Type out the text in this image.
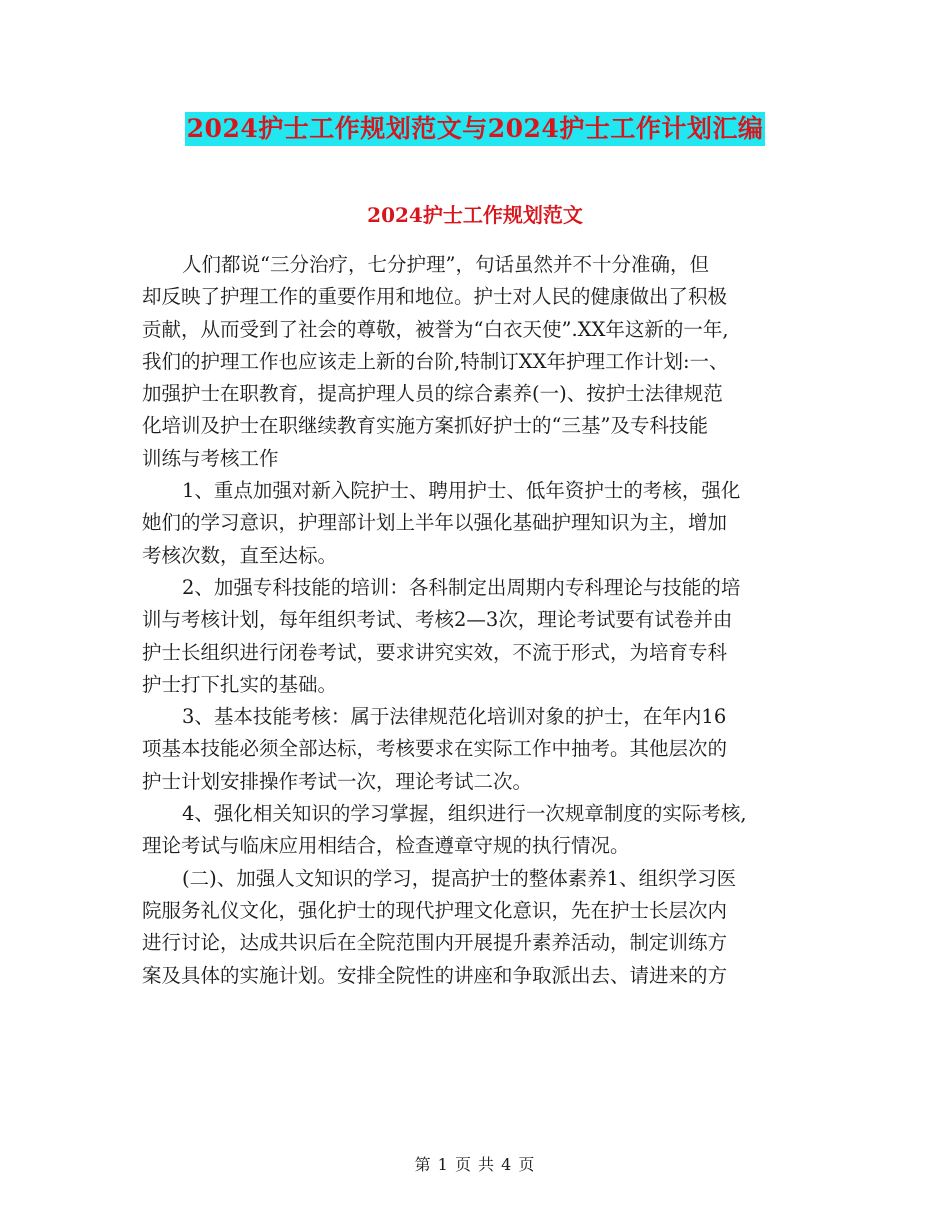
2024护士工作规划范文与2024护士工作计划汇编
2024护士工作规划范文

人们都说“三分治疗，七分护理”，句话虽然并不十分准确，但

却反映了护理工作的重要作用和地位。护士对人民的健康做出了积极

贡献，从而受到了社会的尊敬，被誉为“白衣天使”.XX年这新的一年,

我们的护理工作也应该走上新的台阶,特制订XX年护理工作计划:一、

加强护士在职教育，提高护理人员的综合素养(一)、按护士法律规范

化培训及护士在职继续教育实施方案抓好护士的“三基”及专科技能

训练与考核工作

1、重点加强对新入院护士、聘用护士、低年资护士的考核，强化

她们的学习意识，护理部计划上半年以强化基础护理知识为主，增加

考核次数，直至达标。

2、加强专科技能的培训：各科制定出周期内专科理论与技能的培

训与考核计划，每年组织考试、考核2—3次，理论考试要有试卷并由

护士长组织进行闭卷考试，要求讲究实效，不流于形式，为培育专科

护士打下扎实的基础。

3、基本技能考核：属于法律规范化培训对象的护士，在年内16

项基本技能必须全部达标，考核要求在实际工作中抽考。其他层次的

护士计划安排操作考试一次，理论考试二次。

4、强化相关知识的学习掌握，组织进行一次规章制度的实际考核,

理论考试与临床应用相结合，检查遵章守规的执行情况。

(二)、加强人文知识的学习，提高护士的整体素养1、组织学习医

院服务礼仪文化，强化护士的现代护理文化意识，先在护士长层次内

进行讨论，达成共识后在全院范围内开展提升素养活动，制定训练方

案及具体的实施计划。安排全院性的讲座和争取派出去、请进来的方

第 1 页 共 4 页
